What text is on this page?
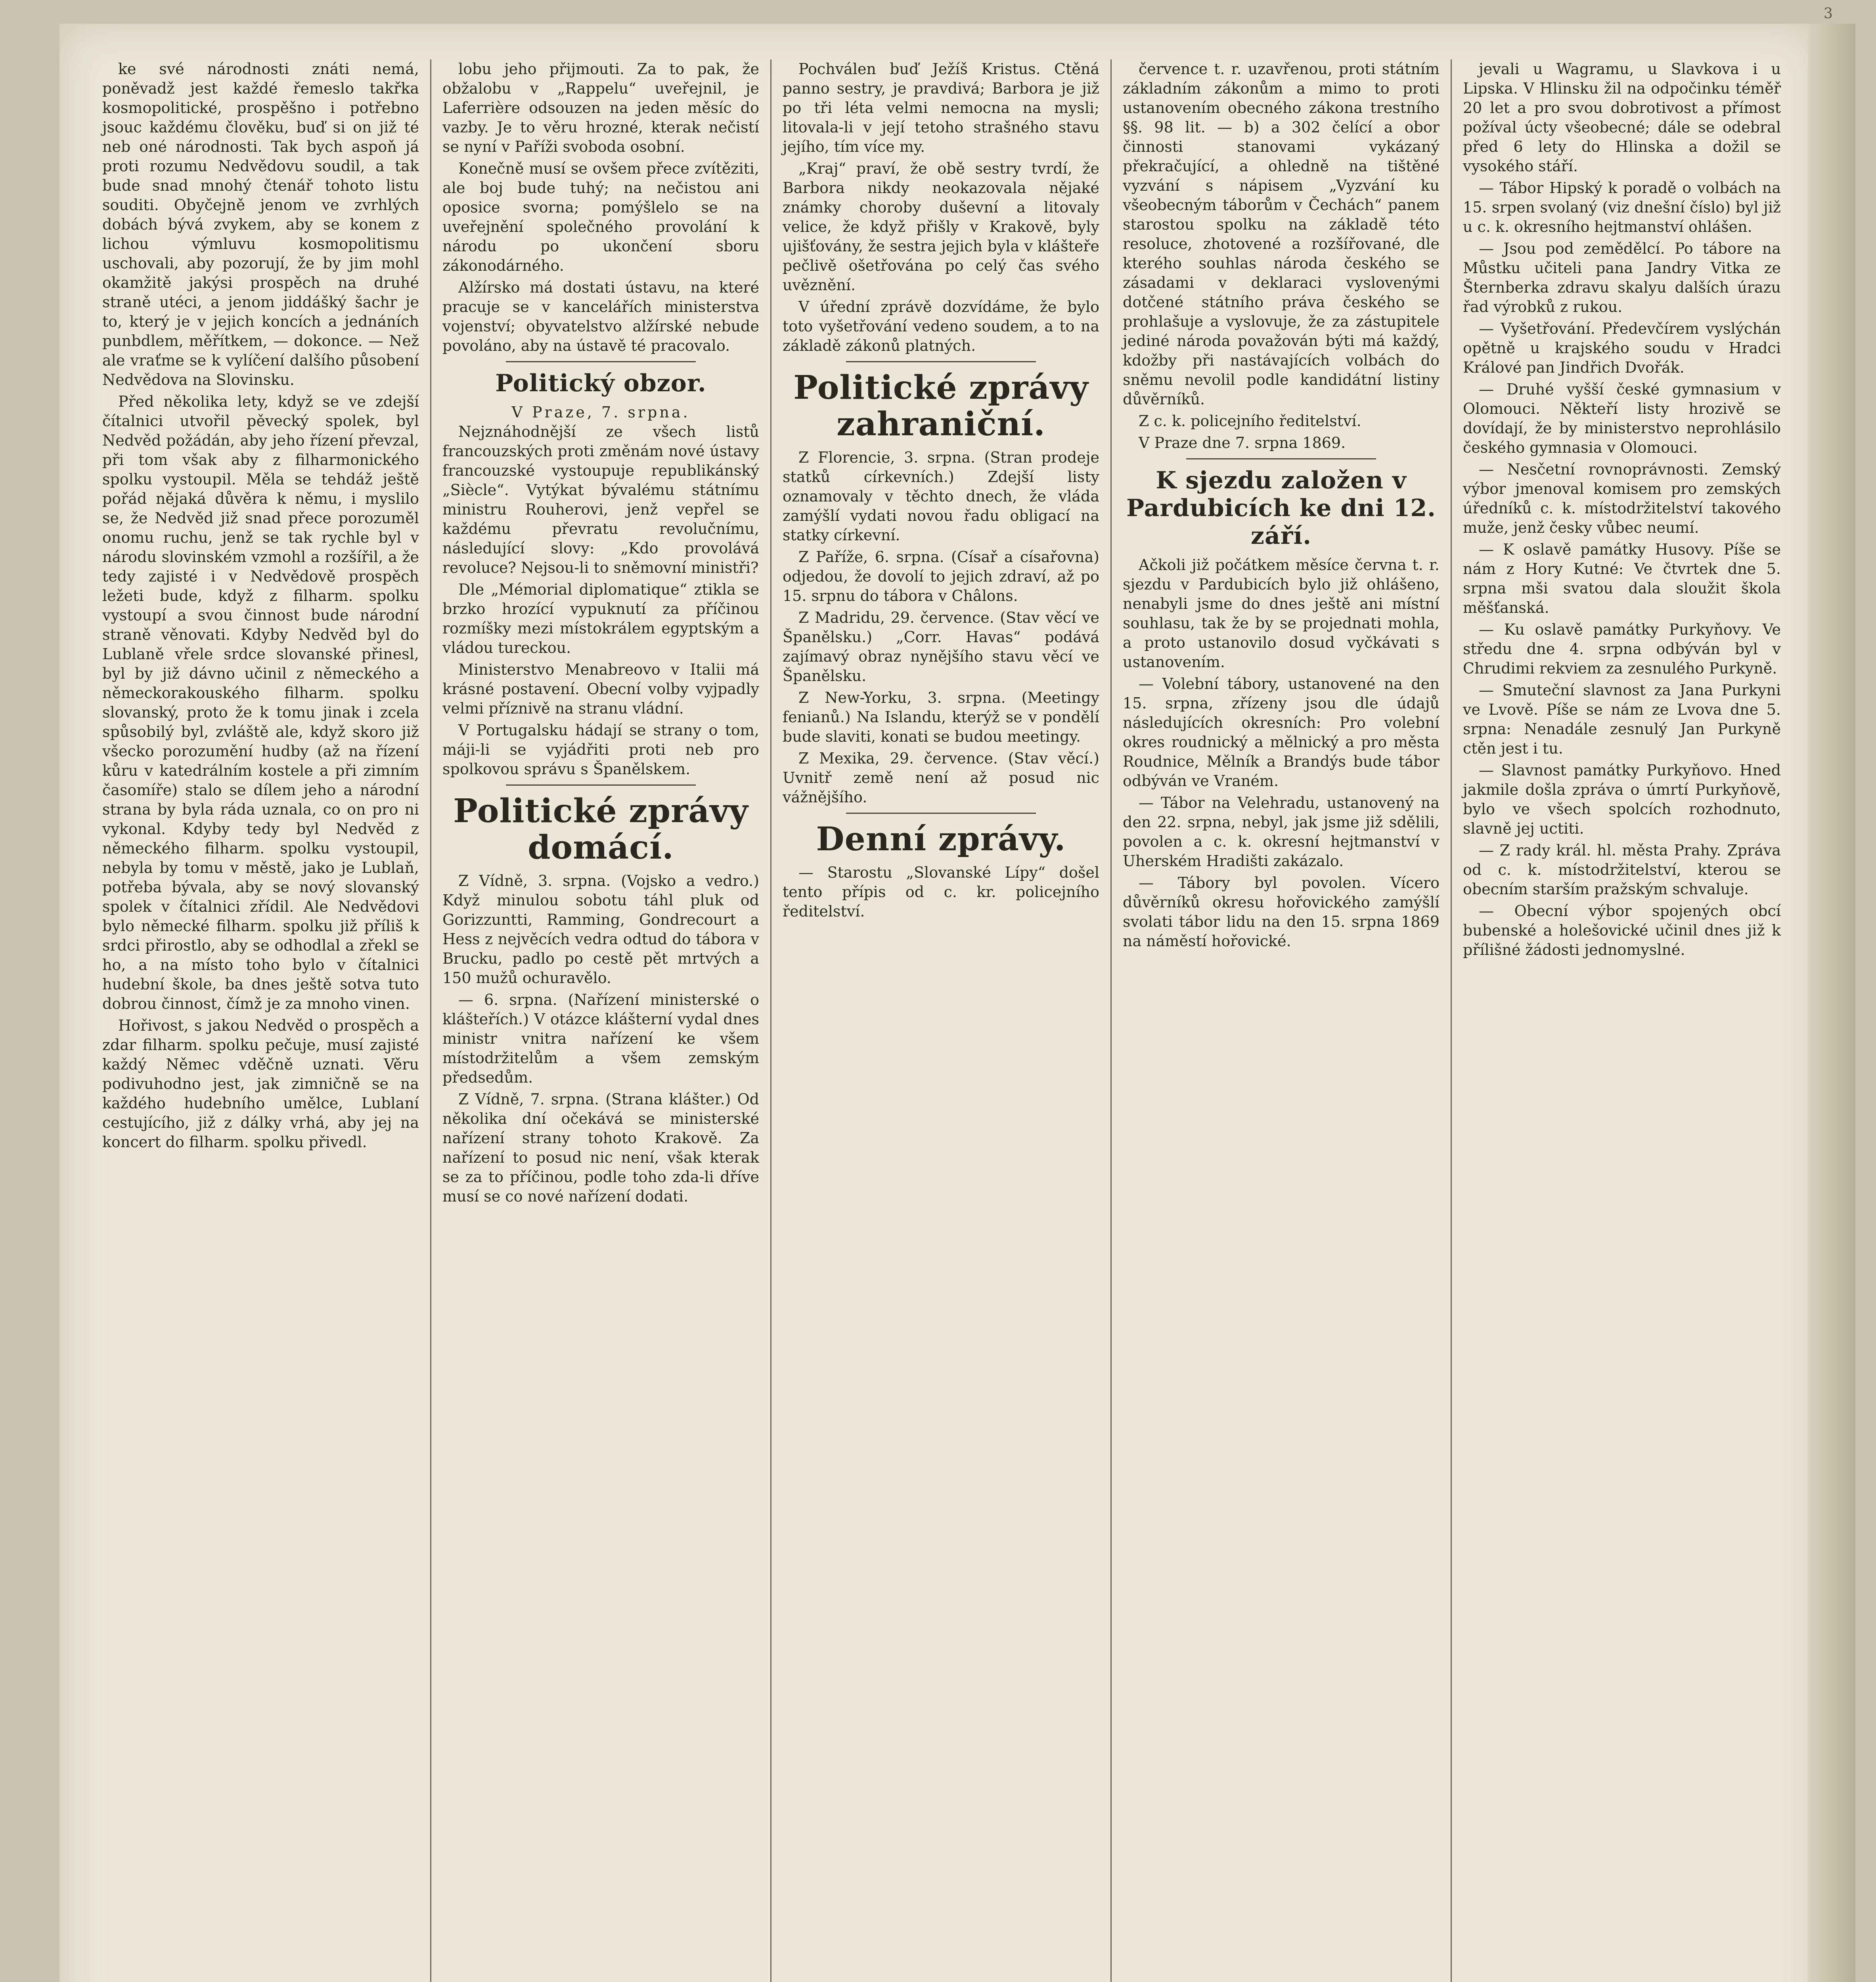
3

ke své národnosti znáti nemá, poněvadž jest každé řemeslo takřka kosmopolitické, prospěšno i potřebno jsouc každému člověku, buď si on již té neb oné národnosti. Tak bych aspoň já proti rozumu Nedvědovu soudil, a tak bude snad mnohý čtenář tohoto listu souditi. Obyčejně jenom ve zvrhlých dobách bývá zvykem, aby se konem z lichou výmluvu kosmopolitismu uschovali, aby pozorují, že by jim mohl okamžitě jakýsi prospěch na druhé straně utéci, a jenom jiddášký šachr je to, který je v jejich koncích a jednáních punbdlem, měřítkem, — dokonce. — Než ale vraťme se k vylíčení dalšího působení Nedvědova na Slovinsku.

Před několika lety, když se ve zdejší čítalnici utvořil pěvecký spolek, byl Nedvěd požádán, aby jeho řízení převzal, při tom však aby z filharmonického spolku vystoupil. Měla se tehdáž ještě pořád nějaká důvěra k němu, i myslilo se, že Nedvěd již snad přece porozuměl onomu ruchu, jenž se tak rychle byl v národu slovinském vzmohl a rozšířil, a že tedy zajisté i v Nedvědově prospěch ležeti bude, když z filharm. spolku vystoupí a svou činnost bude národní straně věnovati. Kdyby Nedvěd byl do Lublaně vřele srdce slovanské přinesl, byl by již dávno učinil z německého a německorakouského filharm. spolku slovanský, proto že k tomu jinak i zcela spůsobilý byl, zvláště ale, když skoro již všecko porozumění hudby (až na řízení kůru v katedrálním kostele a při zimním časomíře) stalo se dílem jeho a národní strana by byla ráda uznala, co on pro ni vykonal. Kdyby tedy byl Nedvěd z německého filharm. spolku vystoupil, nebyla by tomu v městě, jako je Lublaň, potřeba bývala, aby se nový slovanský spolek v čítalnici zřídil. Ale Nedvědovi bylo německé filharm. spolku již příliš k srdci přirostlo, aby se odhodlal a zřekl se ho, a na místo toho bylo v čítalnici hudební škole, ba dnes ještě sotva tuto dobrou činnost, čímž je za mnoho vinen.

Hořivost, s jakou Nedvěd o prospěch a zdar filharm. spolku pečuje, musí zajisté každý Němec vděčně uznati. Věru podivuhodno jest, jak zimničně se na každého hudebního umělce, Lublaní cestujícího, již z dálky vrhá, aby jej na koncert do filharm. spolku přivedl.

lobu jeho přijmouti. Za to pak, že obžalobu v „Rappelu“ uveřejnil, je Laferrière odsouzen na jeden měsíc do vazby. Je to věru hrozné, kterak nečistí se nyní v Paříži svoboda osobní.

Konečně musí se ovšem přece zvítěziti, ale boj bude tuhý; na nečistou ani oposice svorna; pomýšlelo se na uveřejnění společného provolání k národu po ukončení sboru zákonodárného.

Alžírsko má dostati ústavu, na které pracuje se v kancelářích ministerstva vojenství; obyvatelstvo alžírské nebude povoláno, aby na ústavě té pracovalo.

Politický obzor.
V Praze, 7. srpna.

Nejznáhodnější ze všech listů francouzských proti změnám nové ústavy francouzské vystoupuje republikánský „Siècle“. Vytýkat bývalému státnímu ministru Rouherovi, jenž vepřel se každému převratu revolučnímu, následující slovy: „Kdo provolává revoluce? Nejsou-li to sněmovní ministři?

Dle „Mémorial diplomatique“ ztikla se brzko hrozící vypuknutí za příčinou rozmíšky mezi místokrálem egyptským a vládou tureckou.

Ministerstvo Menabreovo v Italii má krásné postavení. Obecní volby vyjpadly velmi příznivě na stranu vládní.

V Portugalsku hádají se strany o tom, máji-li se vyjádřiti proti neb pro spolkovou správu s Španělskem.

Politické zprávy domácí.

Z Vídně, 3. srpna. (Vojsko a vedro.) Když minulou sobotu táhl pluk od Gorizzuntti, Ramming, Gondrecourt a Hess z nejvěcích vedra odtud do tábora v Brucku, padlo po cestě pět mrtvých a 150 mužů ochuravělo.

— 6. srpna. (Nařízení ministerské o klášteřích.) V otázce klášterní vydal dnes ministr vnitra nařízení ke všem místodržitelům a všem zemským předsedům.

Z Vídně, 7. srpna. (Strana klášter.) Od několika dní očekává se ministerské nařízení strany tohoto Krakově. Za nařízení to posud nic není, však kterak se za to příčinou, podle toho zda-li dříve musí se co nové nařízení dodati.

Pochválen buď Ježíš Kristus. Ctěná panno sestry, je pravdivá; Barbora je již po tři léta velmi nemocna na mysli; litovala-li v její tetoho strašného stavu jejího, tím více my.

„Kraj“ praví, že obě sestry tvrdí, že Barbora nikdy neokazovala nějaké známky choroby duševní a litovaly velice, že když přišly v Krakově, byly ujišťovány, že sestra jejich byla v klášteře pečlivě ošetřována po celý čas svého uvěznění.

V úřední zprávě dozvídáme, že bylo toto vyšetřování vedeno soudem, a to na základě zákonů platných.

Politické zprávy zahraniční.

Z Florencie, 3. srpna. (Stran prodeje statků církevních.) Zdejší listy oznamovaly v těchto dnech, že vláda zamýšlí vydati novou řadu obligací na statky církevní.

Z Paříže, 6. srpna. (Císař a císařovna) odjedou, že dovolí to jejich zdraví, až po 15. srpnu do tábora v Châlons.

Z Madridu, 29. července. (Stav věcí ve Španělsku.) „Corr. Havas“ podává zajímavý obraz nynějšího stavu věcí ve Španělsku.

Z New-Yorku, 3. srpna. (Meetingy fenianů.) Na Islandu, kterýž se v pondělí bude slaviti, konati se budou meetingy.

Z Mexika, 29. července. (Stav věcí.) Uvnitř země není až posud nic vážnějšího.

Denní zprávy.

— Starostu „Slovanské Lípy“ došel tento přípis od c. kr. policejního ředitelství.

července t. r. uzavřenou, proti státním základním zákonům a mimo to proti ustanovením obecného zákona trestního §§. 98 lit. — b) a 302 čelící a obor činnosti stanovami vykázaný překračující, a ohledně na tištěné vyzvání s nápisem „Vyzvání ku všeobecným táborům v Čechách“ panem starostou spolku na základě této resoluce, zhotovené a rozšířované, dle kterého souhlas národa českého se zásadami v deklaraci vyslovenými dotčené státního práva českého se prohlašuje a vyslovuje, že za zástupitele jediné národa považován býti má každý, kdožby při nastávajících volbách do sněmu nevolil podle kandidátní listiny důvěrníků.

Z c. k. policejního ředitelství.

V Praze dne 7. srpna 1869.

K sjezdu založen v Pardubicích ke dni 12. září.

Ačkoli již počátkem měsíce června t. r. sjezdu v Pardubicích bylo již ohlášeno, nenabyli jsme do dnes ještě ani místní souhlasu, tak že by se projednati mohla, a proto ustanovilo dosud vyčkávati s ustanovením.

— Volební tábory, ustanovené na den 15. srpna, zřízeny jsou dle údajů následujících okresních: Pro volební okres roudnický a mělnický a pro města Roudnice, Mělník a Brandýs bude tábor odbýván ve Vraném.

— Tábor na Velehradu, ustanovený na den 22. srpna, nebyl, jak jsme již sdělili, povolen a c. k. okresní hejtmanství v Uherském Hradišti zakázalo.

— Tábory byl povolen. Vícero důvěrníků okresu hořovického zamýšlí svolati tábor lidu na den 15. srpna 1869 na náměstí hořovické.

jevali u Wagramu, u Slavkova i u Lipska. V Hlinsku žil na odpočinku téměř 20 let a pro svou dobrotivost a přímost požíval úcty všeobecné; dále se odebral před 6 lety do Hlinska a dožil se vysokého stáří.

— Tábor Hipský k poradě o volbách na 15. srpen svolaný (viz dnešní číslo) byl již u c. k. okresního hejtmanství ohlášen.

— Jsou pod zemědělcí. Po tábore na Můstku učiteli pana Jandry Vitka ze Šternberka zdravu skalyu dalších úrazu řad výrobků z rukou.

— Vyšetřování. Předevčírem vyslýchán opětně u krajského soudu v Hradci Králové pan Jindřich Dvořák.

— Druhé vyšší české gymnasium v Olomouci. Někteří listy hrozivě se dovídají, že by ministerstvo neprohlásilo českého gymnasia v Olomouci.

— Nesčetní rovnoprávnosti. Zemský výbor jmenoval komisem pro zemských úředníků c. k. místodržitelství takového muže, jenž česky vůbec neumí.

— K oslavě památky Husovy. Píše se nám z Hory Kutné: Ve čtvrtek dne 5. srpna mši svatou dala sloužit škola měšťanská.

— Ku oslavě památky Purkyňovy. Ve středu dne 4. srpna odbýván byl v Chrudimi rekviem za zesnulého Purkyně.

— Smuteční slavnost za Jana Purkyni ve Lvově. Píše se nám ze Lvova dne 5. srpna: Nenadále zesnulý Jan Purkyně ctěn jest i tu.

— Slavnost památky Purkyňovo. Hned jakmile došla zpráva o úmrtí Purkyňově, bylo ve všech spolcích rozhodnuto, slavně jej uctiti.

— Z rady král. hl. města Prahy. Zpráva od c. k. místodržitelství, kterou se obecním starším pražským schvaluje.

— Obecní výbor spojených obcí bubenské a holešovické učinil dnes již k přílišné žádosti jednomyslné.
